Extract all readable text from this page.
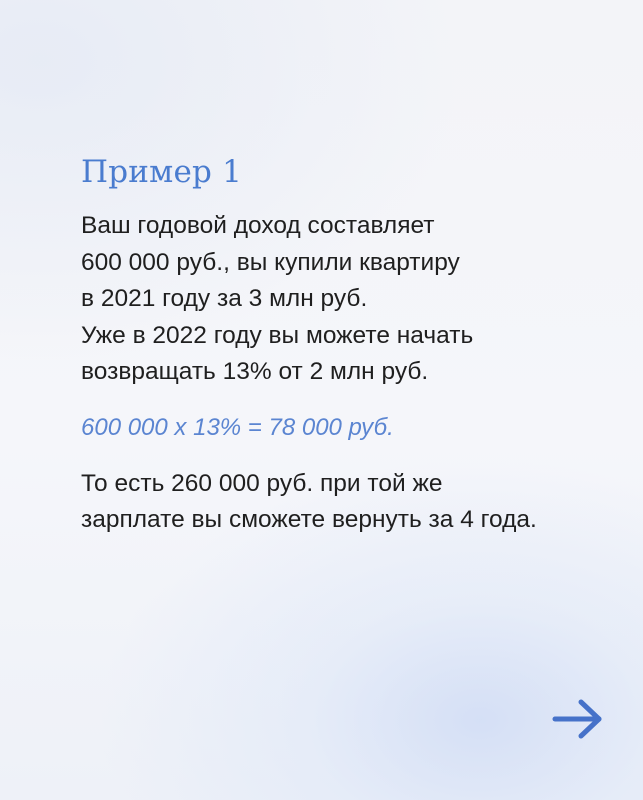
Пример 1

Ваш годовой доход составляет
600 000 руб., вы купили квартиру
в 2021 году за 3 млн руб.
Уже в 2022 году вы можете начать
возвращать 13% от 2 млн руб.

600 000 х 13% = 78 000 руб.

То есть 260 000 руб. при той же
зарплате вы сможете вернуть за 4 года.
